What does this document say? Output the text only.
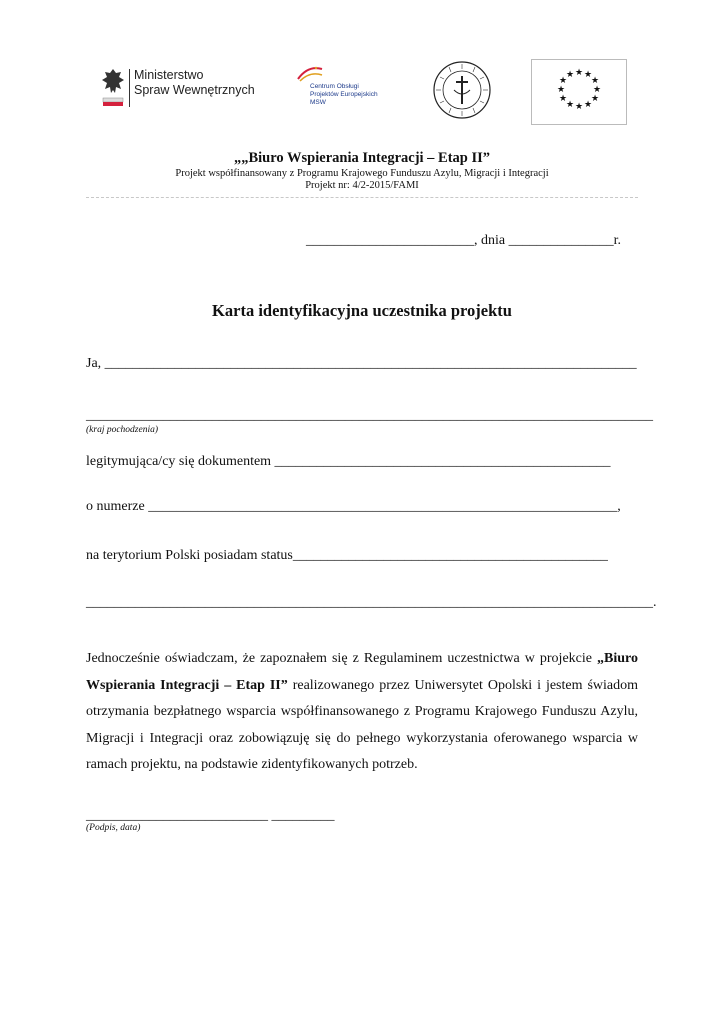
Ministerstwo
Spraw Wewnętrznych	Centrum Obsługi
Projektów Europejskich
MSW
★ ★
★
★
★
★
★
★
★
★
★
★
„„Biuro Wspierania Integracji – Etap II”
Projekt współfinansowany z Programu Krajowego Funduszu Azylu, Migracji i Integracji
Projekt nr: 4/2-2015/FAMI
________________________, dnia _______________r.
Karta identyfikacyjna uczestnika projektu
Ja, ____________________________________________________________________________
_________________________________________________________________________________
(kraj pochodzenia)
legitymująca/cy się dokumentem ________________________________________________
o numerze ___________________________________________________________________,
na terytorium Polski posiadam status_____________________________________________
_________________________________________________________________________________.
Jednocześnie oświadczam, że zapoznałem się z Regulaminem uczestnictwa w projekcie „Biuro Wspierania Integracji – Etap II” realizowanego przez Uniwersytet Opolski i jestem świadom otrzymania bezpłatnego wsparcia współfinansowanego z Programu Krajowego Funduszu Azylu, Migracji i Integracji oraz zobowiązuję się do pełnego wykorzystania oferowanego wsparcia w ramach projektu, na podstawie zidentyfikowanych potrzeb.
__________________________ _________
(Podpis, data)
